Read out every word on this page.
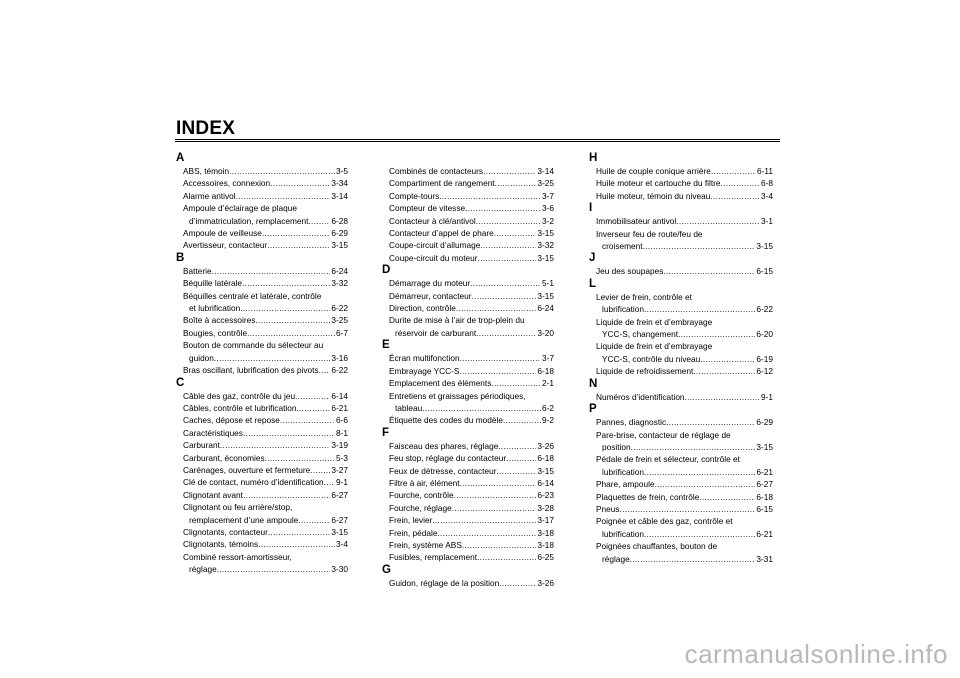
INDEX
A
ABS, témoin .....	3-5
Accessoires, connexion .....	3-34
Alarme antivol .....	3-14
Ampoule d’éclairage de plaque
d’immatriculation, remplacement .....	6-28
Ampoule de veilleuse .....	6-29
Avertisseur, contacteur .....	3-15
B
Batterie .....	6-24
Béquille latérale .....	3-32
Béquilles centrale et latérale, contrôle
et lubrification .....	6-22
Boîte à accessoires .....	3-25
Bougies, contrôle .....	6-7
Bouton de commande du sélecteur au
guidon .....	3-16
Bras oscillant, lubrification des pivots ..... 6-22
C
Câble des gaz, contrôle du jeu .....	6-14
Câbles, contrôle et lubrification .....	6-21
Caches, dépose et repose .....	6-6
Caractéristiques .....	8-1
Carburant .....	3-19
Carburant, économies .....	5-3
Carénages, ouverture et fermeture .....	3-27
Clé de contact, numéro d’identification ..... 9-1
Clignotant avant .....	6-27
Clignotant ou feu arrière/stop,
remplacement d’une ampoule .....	6-27
Clignotants, contacteur .....	3-15
Clignotants, témoins .....	3-4
Combiné ressort-amortisseur,
réglage .....	3-30
Combinés de contacteurs .....	3-14
Compartiment de rangement .....	3-25
Compte-tours .....	3-7
Compteur de vitesse .....	3-6
Contacteur à clé/antivol .....	3-2
Contacteur d’appel de phare .....	3-15
Coupe-circuit d’allumage .....	3-32
Coupe-circuit du moteur .....	3-15
D
Démarrage du moteur .....	5-1
Démarreur, contacteur .....	3-15
Direction, contrôle .....	6-24
Durite de mise à l’air de trop-plein du
réservoir de carburant .....	3-20
E
Écran multifonction .....	3-7
Embrayage YCC-S .....	6-18
Emplacement des éléments .....	2-1
Entretiens et graissages périodiques,
tableau .....	6-2
Étiquette des codes du modèle .....	9-2
F
Faisceau des phares, réglage .....	3-26
Feu stop, réglage du contacteur .....	6-18
Feux de détresse, contacteur .....	3-15
Filtre à air, élément .....	6-14
Fourche, contrôle .....	6-23
Fourche, réglage .....	3-28
Frein, levier .....	3-17
Frein, pédale .....	3-18
Frein, système ABS .....	3-18
Fusibles, remplacement .....	6-25
G
Guidon, réglage de la position .....	3-26
H
Huile de couple conique arrière .....	6-11
Huile moteur et cartouche du filtre .....	6-8
Huile moteur, témoin du niveau .....	3-4
I
Immobilisateur antivol .....	3-1
Inverseur feu de route/feu de
croisement .....	3-15
J
Jeu des soupapes .....	6-15
L
Levier de frein, contrôle et
lubrification .....	6-22
Liquide de frein et d’embrayage
YCC-S, changement .....	6-20
Liquide de frein et d’embrayage
YCC-S, contrôle du niveau .....	6-19
Liquide de refroidissement .....	6-12
N
Numéros d’identification .....	9-1
P
Pannes, diagnostic .....	6-29
Pare-brise, contacteur de réglage de
position .....	3-15
Pédale de frein et sélecteur, contrôle et
lubrification .....	6-21
Phare, ampoule .....	6-27
Plaquettes de frein, contrôle .....	6-18
Pneus .....	6-15
Poignée et câble des gaz, contrôle et
lubrification .....	6-21
Poignées chauffantes, bouton de
réglage .....	3-31
carmanualsonline.info
